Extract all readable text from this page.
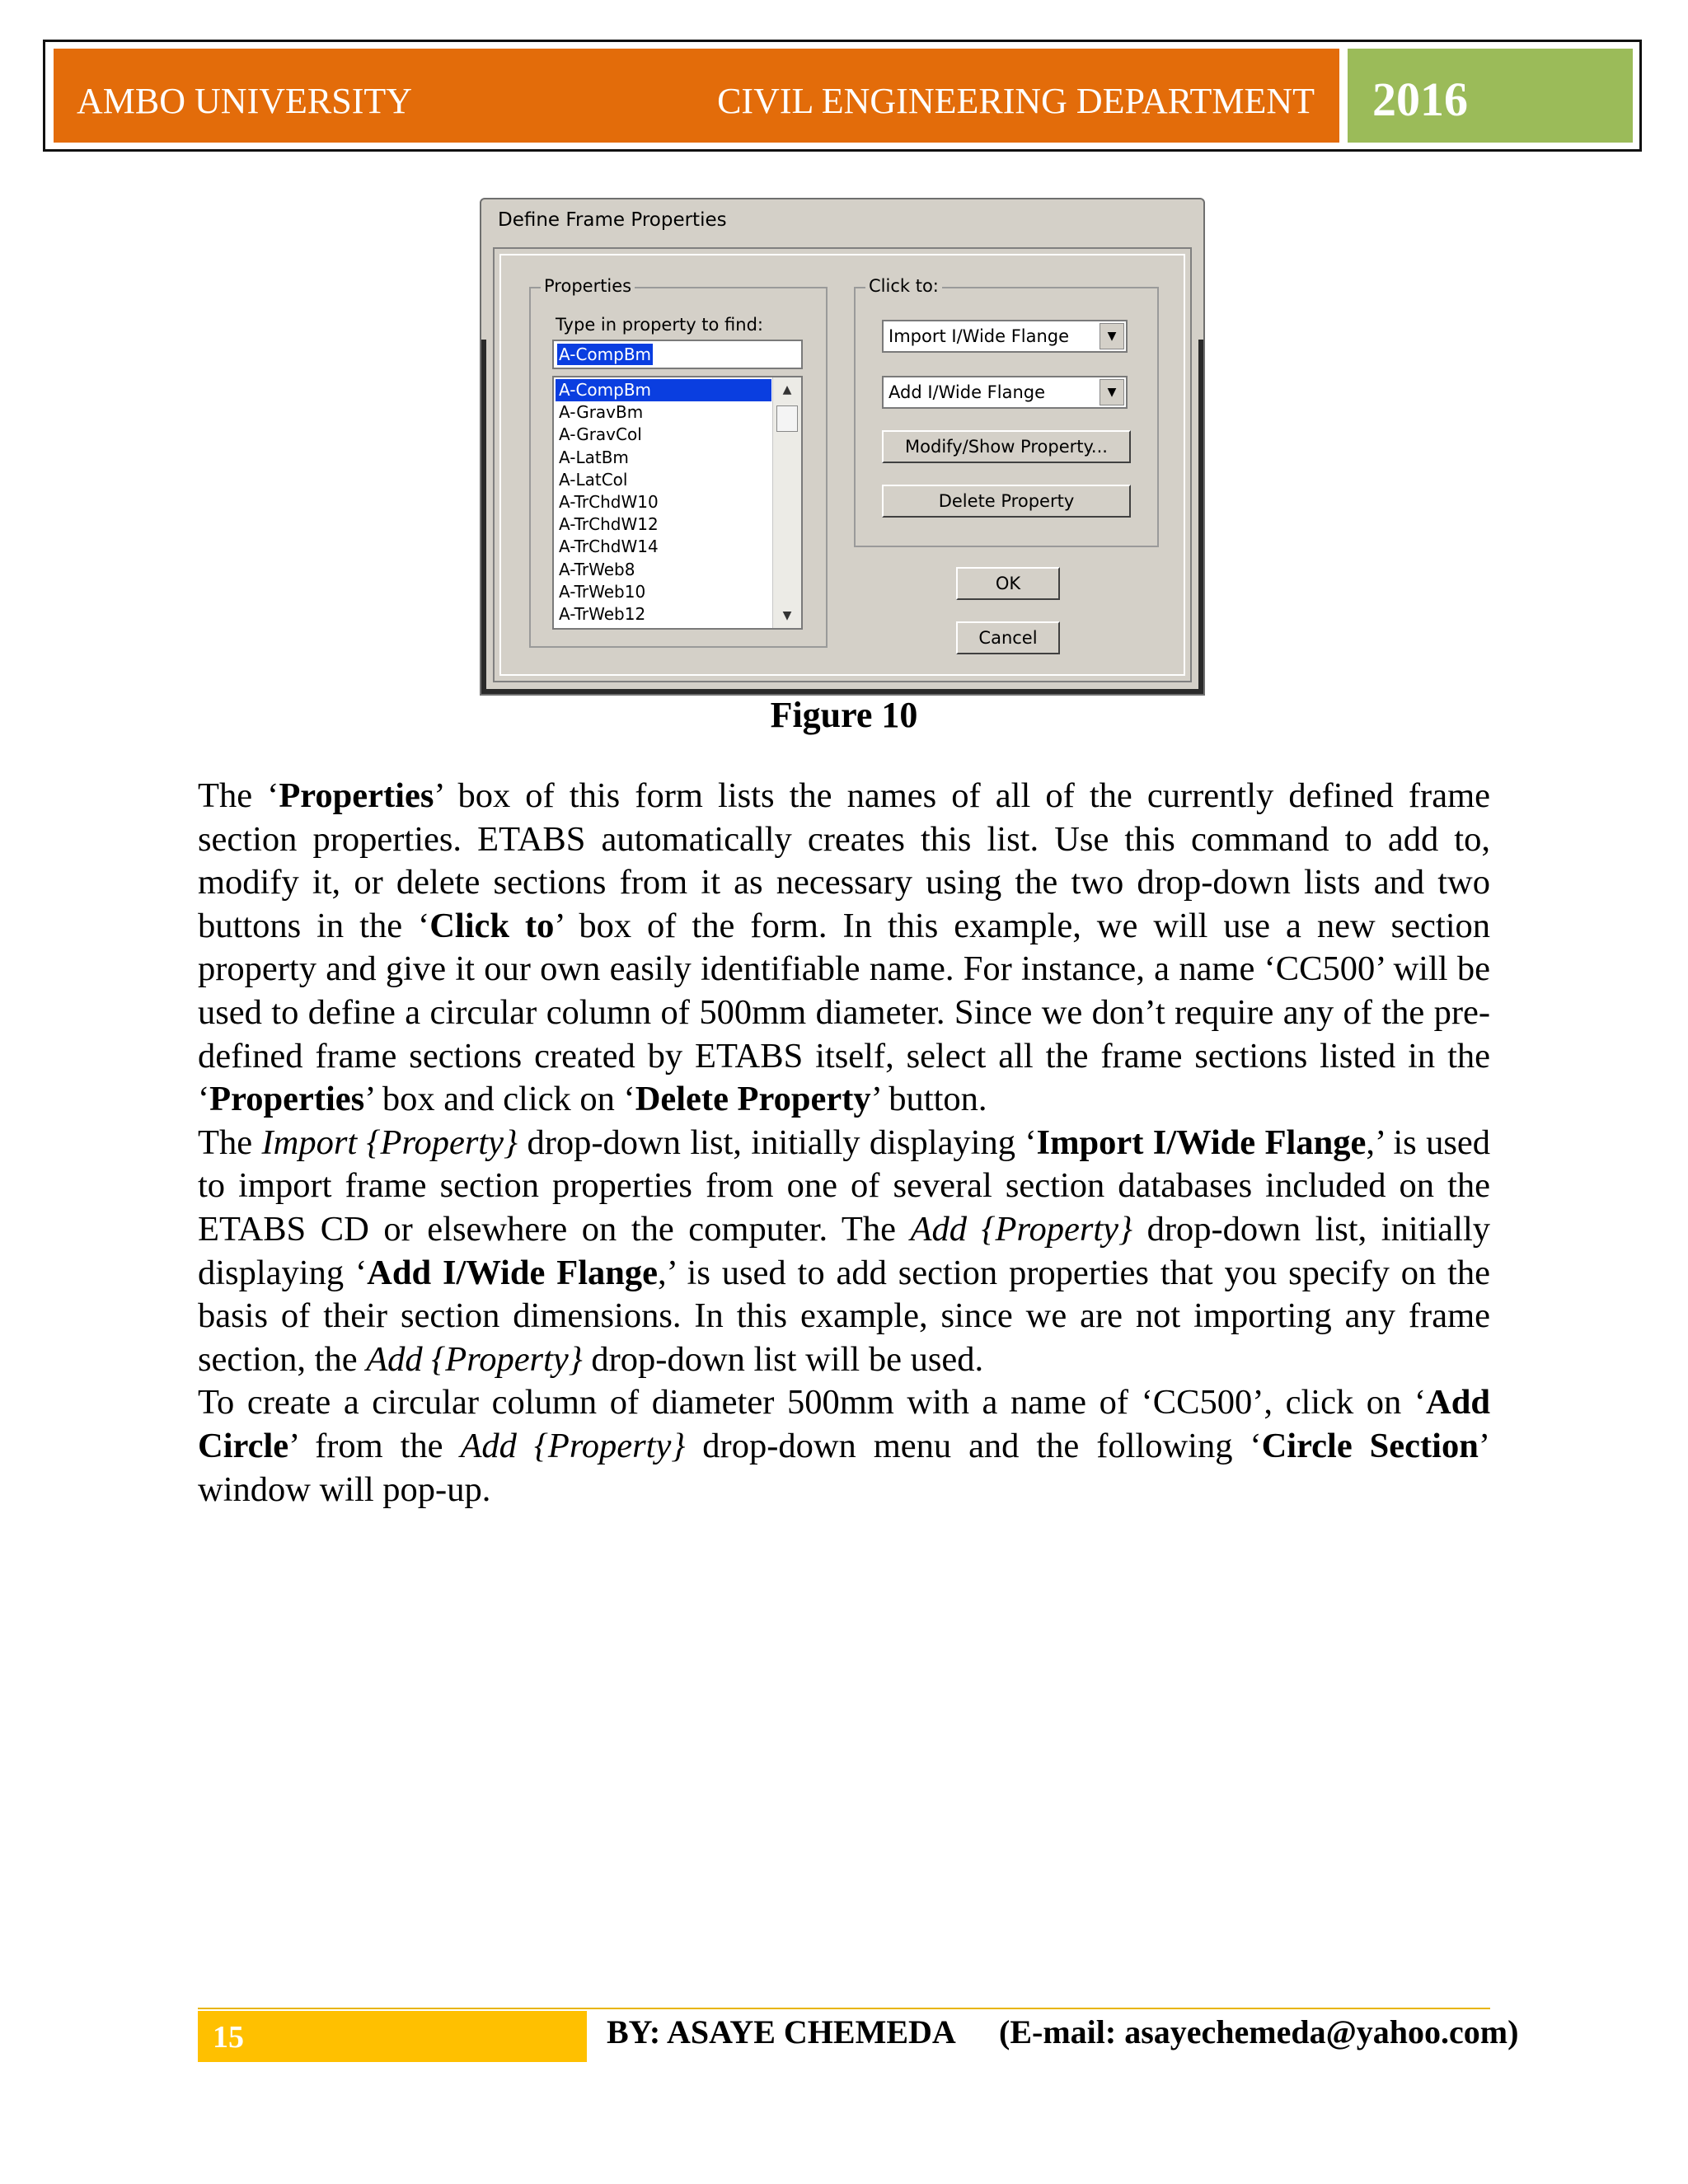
AMBO UNIVERSITY	CIVIL ENGINEERING DEPARTMENT 2016
Define Frame Properties
Properties
Type in property to find:
A-CompBm
A-CompBm
A-GravBm
A-GravCol
A-LatBm
A-LatCol
A-TrChdW10
A-TrChdW12
A-TrChdW14
A-TrWeb8
A-TrWeb10
A-TrWeb12
▲
▼
Click to:
Import I/Wide Flange	▼
Add I/Wide Flange	▼
Modify/Show Property...
Delete Property
OK
Cancel
Figure 10

The ‘Properties’ box of this form lists the names of all of the currently defined frame section properties. ETABS automatically creates this list. Use this command to add to, modify it, or delete sections from it as necessary using the two drop-down lists and two buttons in the ‘Click to’ box of the form. In this example, we will use a new section property and give it our own easily identifiable name. For instance, a name ‘CC500’ will be used to define a circular column of 500mm diameter. Since we don’t require any of the pre-defined frame sections created by ETABS itself, select all the frame sections listed in the ‘Properties’ box and click on ‘Delete Property’ button.

The Import {Property} drop-down list, initially displaying ‘Import I/Wide Flange,’ is used to import frame section properties from one of several section databases included on the ETABS CD or elsewhere on the computer. The Add {Property} drop-down list, initially displaying ‘Add I/Wide Flange,’ is used to add section properties that you specify on the basis of their section dimensions. In this example, since we are not importing any frame section, the Add {Property} drop-down list will be used.

To create a circular column of diameter 500mm with a name of ‘CC500’, click on ‘Add Circle’ from the Add {Property} drop-down menu and the following ‘Circle Section’ window will pop-up.

15	BY: ASAYE CHEMEDA (E-mail: asayechemeda@yahoo.com)
